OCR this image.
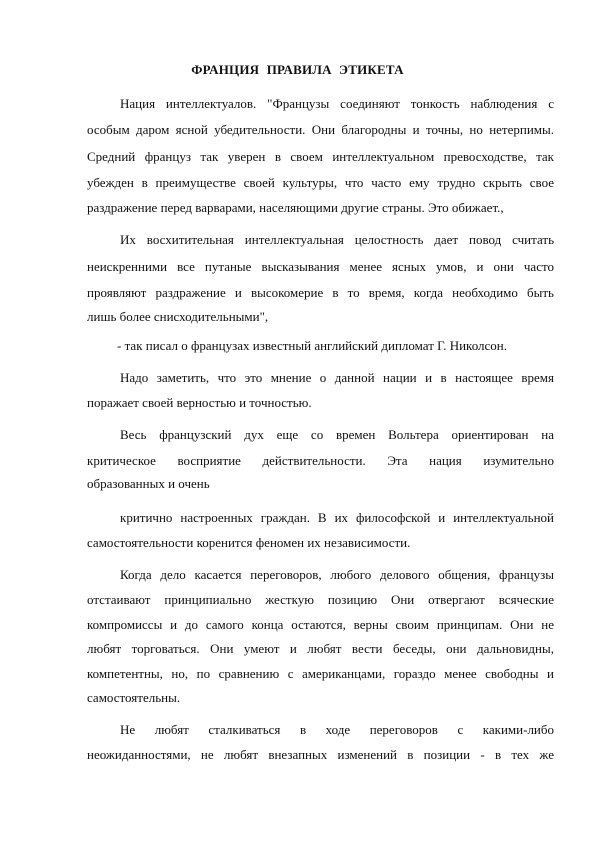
ФРАНЦИЯ ПРАВИЛА ЭТИКЕТА
Нация интеллектуалов. "Французы соединяют тонкость наблюдения с
особым даром ясной убедительности. Они благородны и точны, но нетерпимы.
Средний француз так уверен в своем интеллектуальном превосходстве, так
убежден в преимуществе своей культуры, что часто ему трудно скрыть свое
раздражение перед варварами, населяющими другие страны. Это обижает.,
Их восхитительная интеллектуальная целостность дает повод считать
неискренними все путаные высказывания менее ясных умов, и они часто
проявляют раздражение и высокомерие в то время, когда необходимо быть
лишь более снисходительными",
- так писал о французах известный английский дипломат Г. Николсон.
Надо заметить, что это мнение о данной нации и в настоящее время
поражает своей верностью и точностью.
Весь французский дух еще со времен Вольтера ориентирован на
критическое восприятие действительности. Эта нация изумительно
образованных и очень
критично настроенных граждан. В их философской и интеллектуальной
самостоятельности коренится феномен их независимости.
Когда дело касается переговоров, любого делового общения, французы
отстаивают принципиально жесткую позицию Они отвергают всяческие
компромиссы и до самого конца остаются, верны своим принципам. Они не
любят торговаться. Они умеют и любят вести беседы, они дальновидны,
компетентны, но, по сравнению с американцами, гораздо менее свободны и
самостоятельны.
Не любят сталкиваться в ходе переговоров с какими-либо
неожиданностями, не любят внезапных изменений в позиции - в тех же
